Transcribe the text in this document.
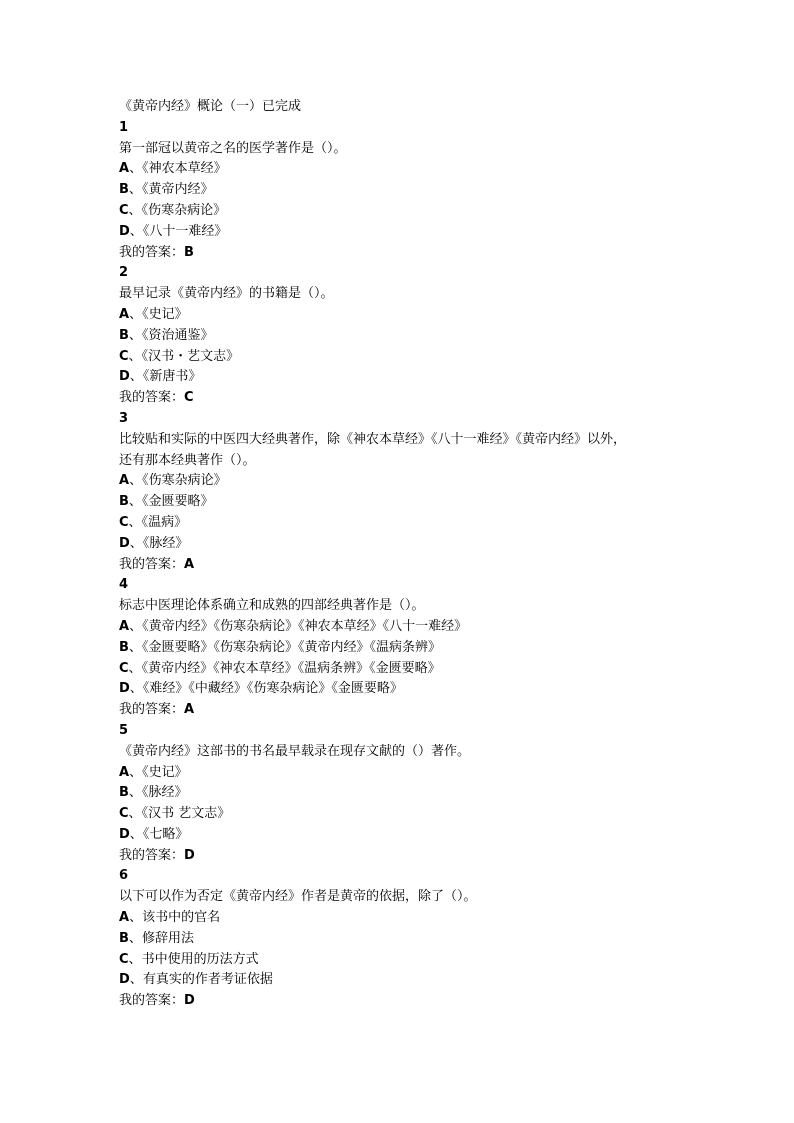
《黄帝内经》概论（一）已完成
1
第一部冠以黄帝之名的医学著作是（）。
A、《神农本草经》
B、《黄帝内经》
C、《伤寒杂病论》
D、《八十一难经》
我的答案：B
2
最早记录《黄帝内经》的书籍是（）。
A、《史记》
B、《资治通鉴》
C、《汉书・艺文志》
D、《新唐书》
我的答案：C
3
比较贴和实际的中医四大经典著作，除《神农本草经》《八十一难经》《黄帝内经》以外，
还有那本经典著作（）。
A、《伤寒杂病论》
B、《金匮要略》
C、《温病》
D、《脉经》
我的答案：A
4
标志中医理论体系确立和成熟的四部经典著作是（）。
A、《黄帝内经》《伤寒杂病论》《神农本草经》《八十一难经》
B、《金匮要略》《伤寒杂病论》《黄帝内经》《温病条辨》
C、《黄帝内经》《神农本草经》《温病条辨》《金匮要略》
D、《难经》《中藏经》《伤寒杂病论》《金匮要略》
我的答案：A
5
《黄帝内经》这部书的书名最早载录在现存文献的（）著作。
A、《史记》
B、《脉经》
C、《汉书 艺文志》
D、《七略》
我的答案：D
6
以下可以作为否定《黄帝内经》作者是黄帝的依据，除了（）。
A、该书中的官名
B、修辞用法
C、书中使用的历法方式
D、有真实的作者考证依据
我的答案：D
